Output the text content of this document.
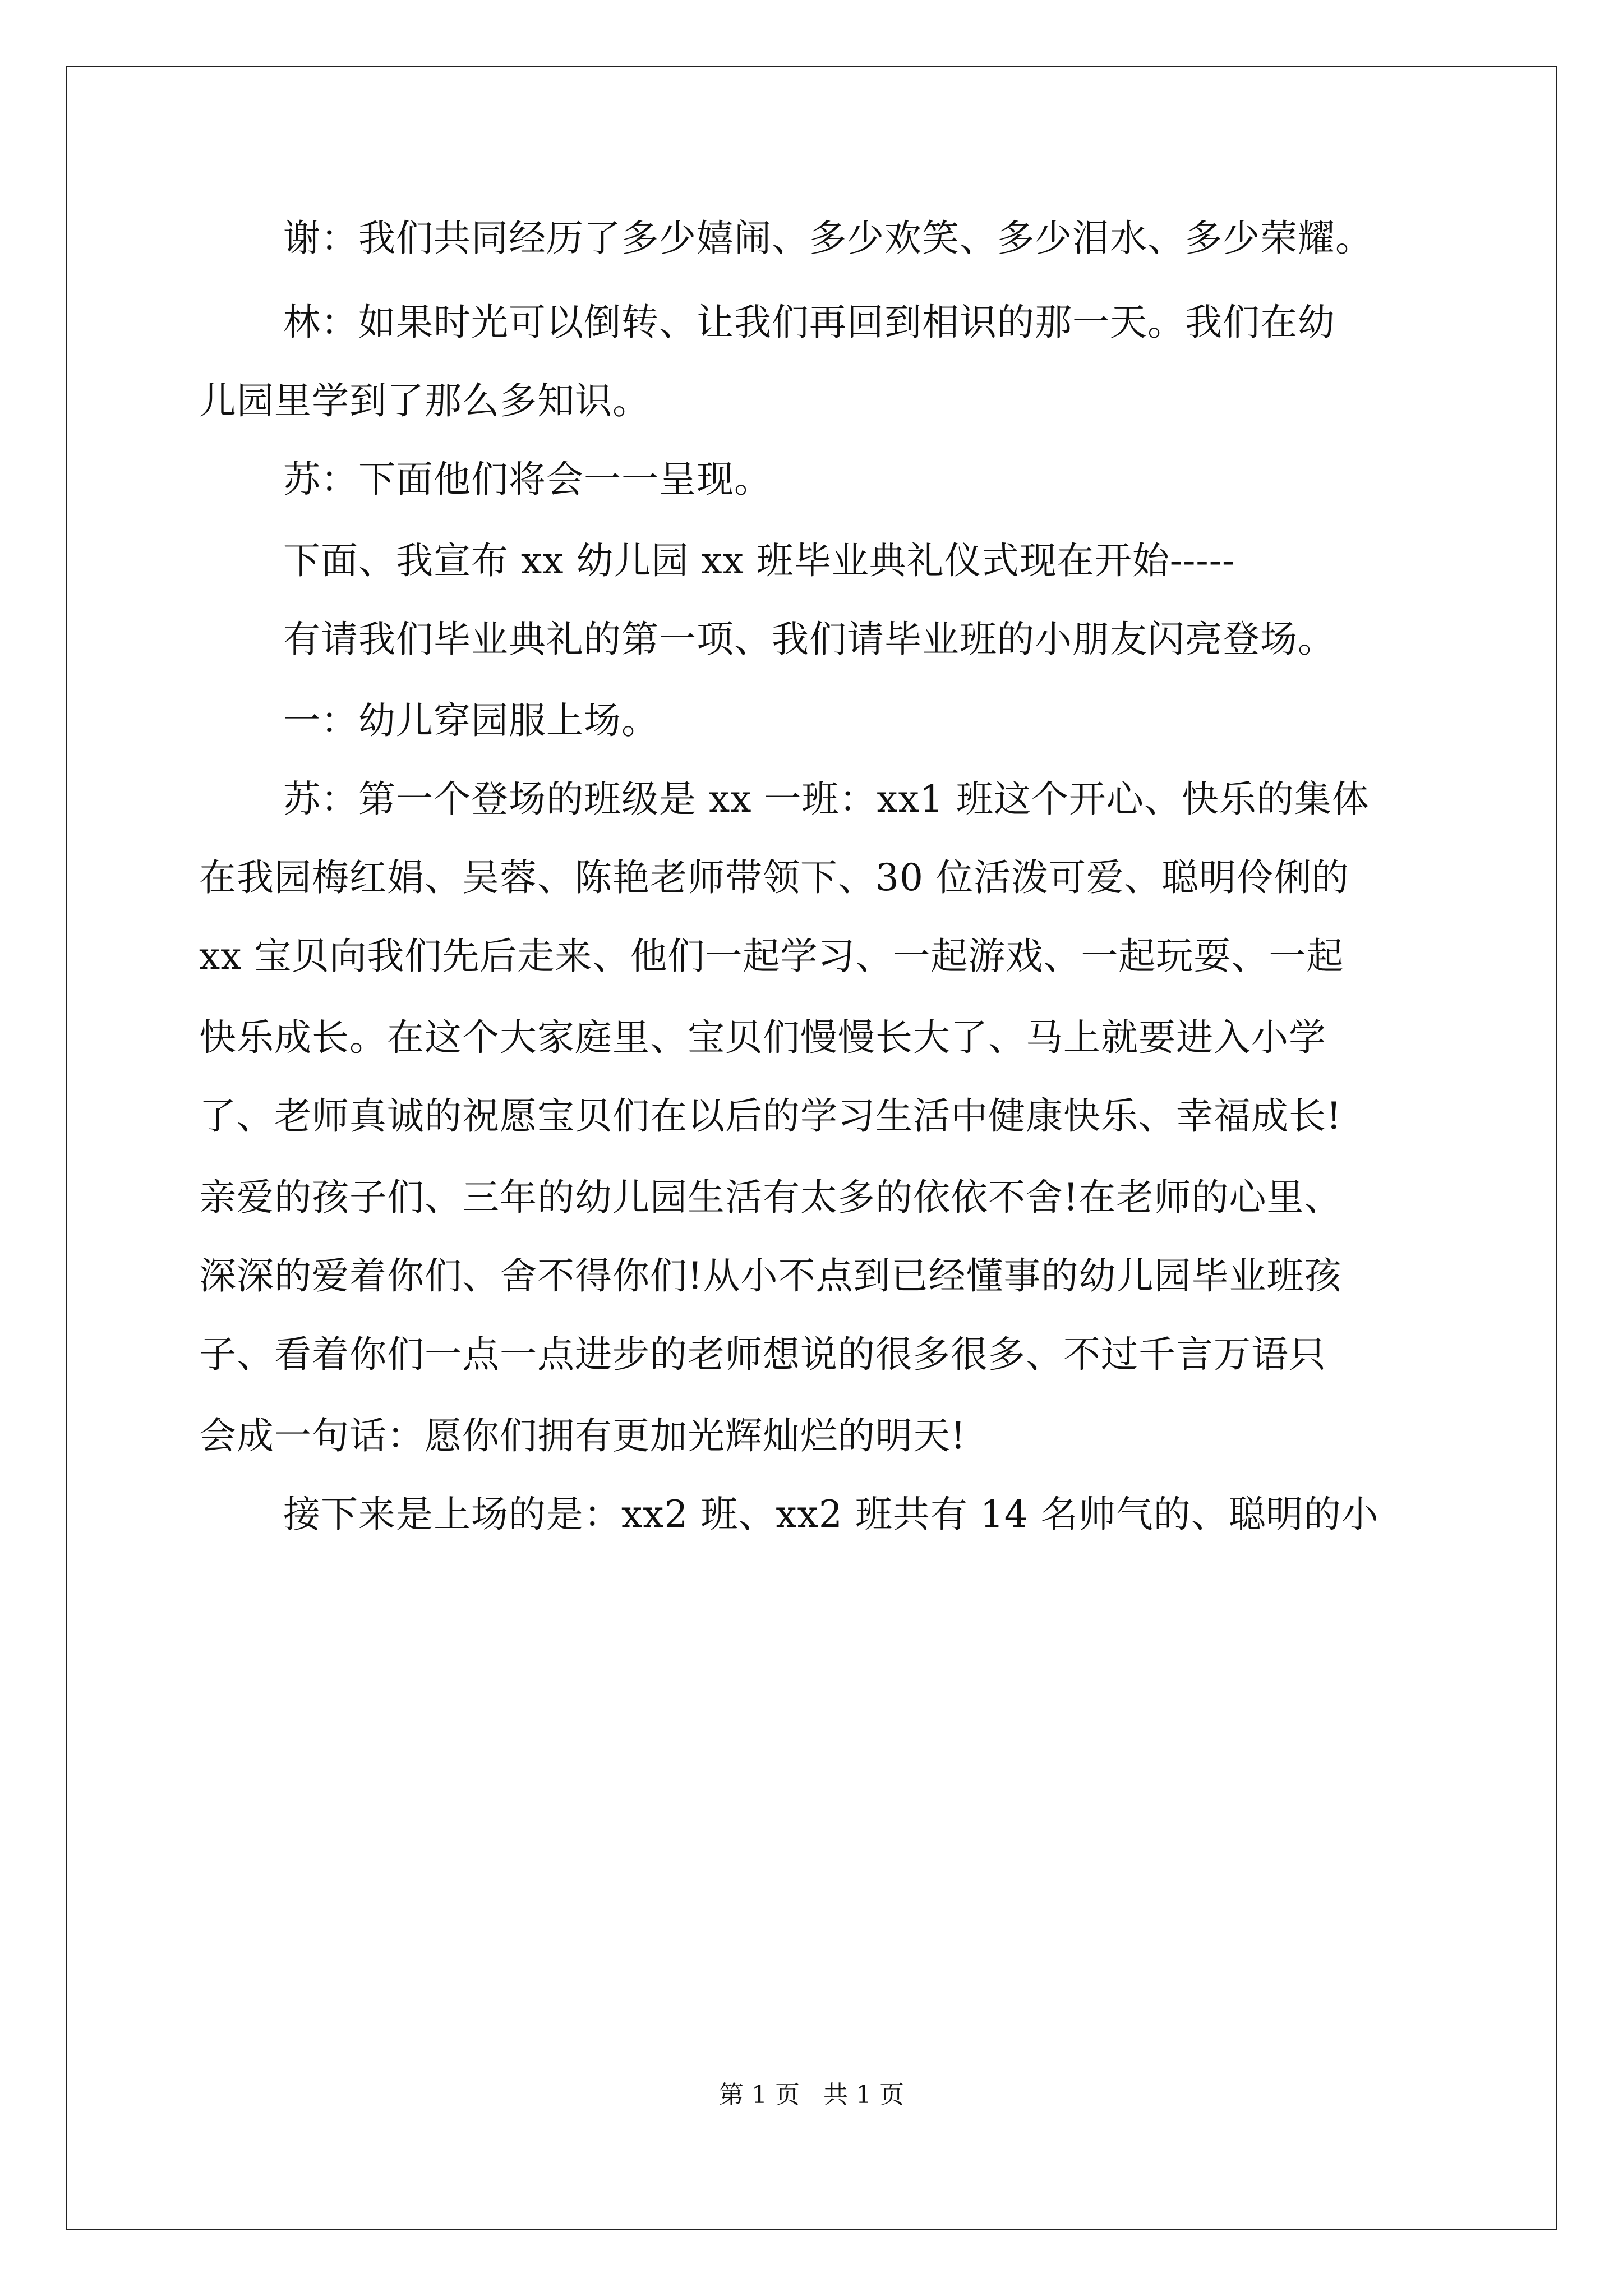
谢：我们共同经历了多少嬉闹、多少欢笑、多少泪水、多少荣耀。
林：如果时光可以倒转、让我们再回到相识的那一天。我们在幼
儿园里学到了那么多知识。
苏：下面他们将会一一呈现。
下面、我宣布 xx 幼儿园 xx 班毕业典礼仪式现在开始-----
有请我们毕业典礼的第一项、我们请毕业班的小朋友闪亮登场。
一：幼儿穿园服上场。
苏：第一个登场的班级是 xx 一班：xx1 班这个开心、快乐的集体
在我园梅红娟、吴蓉、陈艳老师带领下、30 位活泼可爱、聪明伶俐的
xx 宝贝向我们先后走来、他们一起学习、一起游戏、一起玩耍、一起
快乐成长。在这个大家庭里、宝贝们慢慢长大了、马上就要进入小学
了、老师真诚的祝愿宝贝们在以后的学习生活中健康快乐、幸福成长!
亲爱的孩子们、三年的幼儿园生活有太多的依依不舍!在老师的心里、
深深的爱着你们、舍不得你们!从小不点到已经懂事的幼儿园毕业班孩
子、看着你们一点一点进步的老师想说的很多很多、不过千言万语只
会成一句话：愿你们拥有更加光辉灿烂的明天!
接下来是上场的是：xx2 班、xx2 班共有 14 名帅气的、聪明的小
第 1 页 共 1 页
